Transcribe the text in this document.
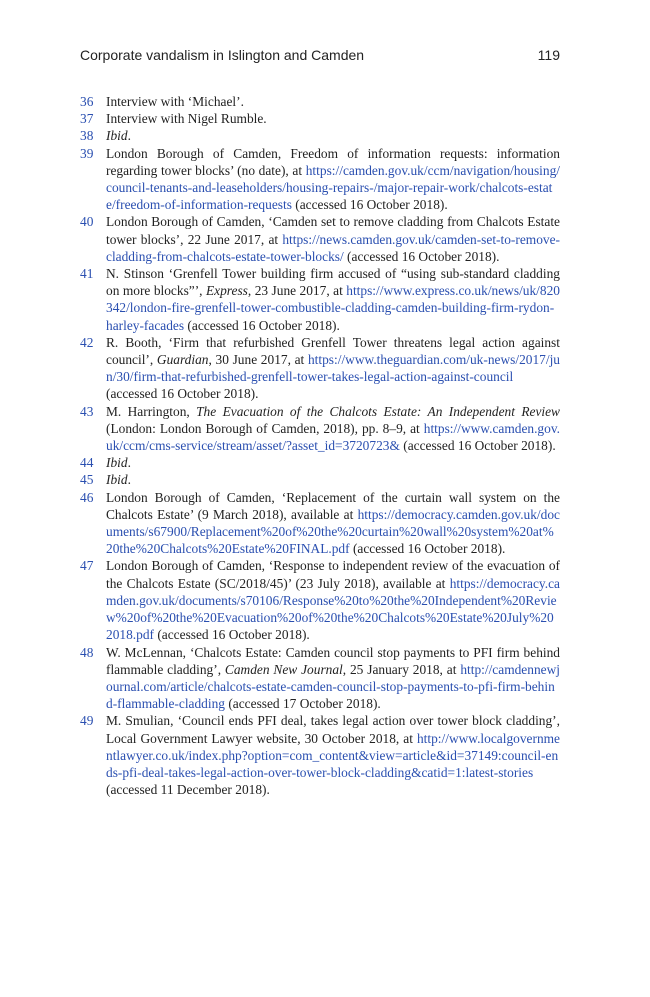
Corporate vandalism in Islington and Camden	119
36 Interview with ‘Michael’.
37 Interview with Nigel Rumble.
38 Ibid.
39 London Borough of Camden, Freedom of information requests: information regarding tower blocks’ (no date), at https://camden.gov.uk/ccm/navigation/housing/council-tenants-and-leaseholders/housing-repairs-/major-repair-work/chalcots-estate/freedom-of-information-requests (accessed 16 October 2018).
40 London Borough of Camden, ‘Camden set to remove cladding from Chalcots Estate tower blocks’, 22 June 2017, at https://news.camden.gov.uk/camden-set-to-remove-cladding-from-chalcots-estate-tower-blocks/ (accessed 16 October 2018).
41 N. Stinson ‘Grenfell Tower building firm accused of “using sub-standard cladding on more blocks”’, Express, 23 June 2017, at https://www.express.co.uk/news/uk/820342/london-fire-grenfell-tower-combustible-cladding-camden-building-firm-rydon-harley-facades (accessed 16 October 2018).
42 R. Booth, ‘Firm that refurbished Grenfell Tower threatens legal action against council’, Guardian, 30 June 2017, at https://www.theguardian.com/uk-news/2017/jun/30/firm-that-refurbished-grenfell-tower-takes-legal-action-against-council (accessed 16 October 2018).
43 M. Harrington, The Evacuation of the Chalcots Estate: An Independent Review (London: London Borough of Camden, 2018), pp. 8–9, at https://www.camden.gov.uk/ccm/cms-service/stream/asset/?asset_id=3720723& (accessed 16 October 2018).
44 Ibid.
45 Ibid.
46 London Borough of Camden, ‘Replacement of the curtain wall system on the Chalcots Estate’ (9 March 2018), available at https://democracy.camden.gov.uk/documents/s67900/Replacement%20of%20the%20curtain%20wall%20system%20at%20the%20Chalcots%20Estate%20FINAL.pdf (accessed 16 October 2018).
47 London Borough of Camden, ‘Response to independent review of the evacuation of the Chalcots Estate (SC/2018/45)’ (23 July 2018), available at https://democracy.camden.gov.uk/documents/s70106/Response%20to%20the%20Independent%20Review%20of%20the%20Evacuation%20of%20the%20Chalcots%20Estate%20July%202018.pdf (accessed 16 October 2018).
48 W. McLennan, ‘Chalcots Estate: Camden council stop payments to PFI firm behind flammable cladding’, Camden New Journal, 25 January 2018, at http://camdennewjournal.com/article/chalcots-estate-camden-council-stop-payments-to-pfi-firm-behind-flammable-cladding (accessed 17 October 2018).
49 M. Smulian, ‘Council ends PFI deal, takes legal action over tower block cladding’, Local Government Lawyer website, 30 October 2018, at http://www.localgovernmentlawyer.co.uk/index.php?option=com_content&view=article&id=37149:council-ends-pfi-deal-takes-legal-action-over-tower-block-cladding&catid=1:latest-stories (accessed 11 December 2018).
